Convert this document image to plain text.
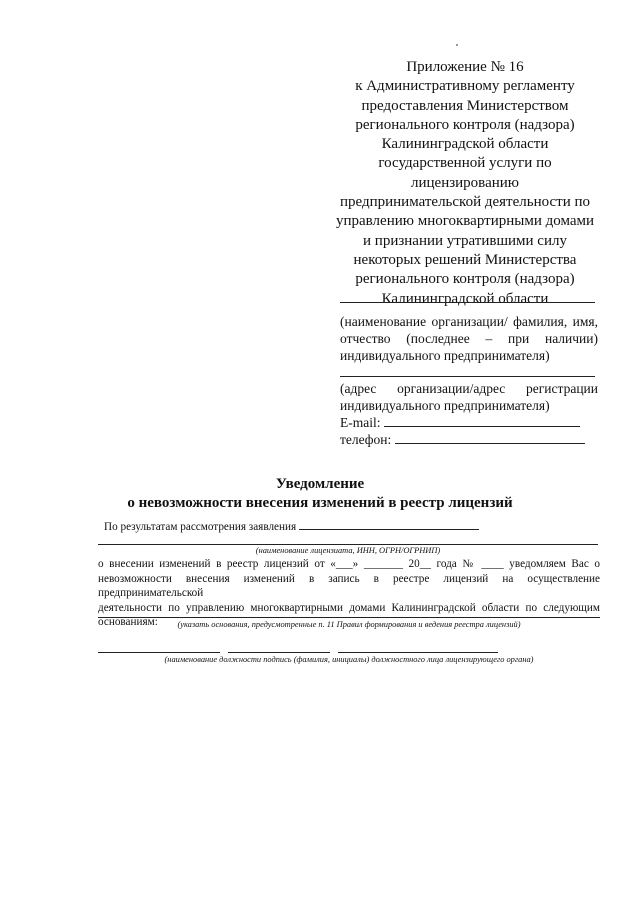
Приложение № 16
к Административному регламенту
предоставления Министерством
регионального контроля (надзора)
Калининградской области
государственной услуги по
лицензированию
предпринимательской деятельности по
управлению многоквартирными домами
и признании утратившими силу
некоторых решений Министерства
регионального контроля (надзора)
Калининградской области
(наименование организации/ фамилия, имя,
отчество (последнее – при наличии)
индивидуального предпринимателя)
(адрес организации/адрес регистрации
индивидуального предпринимателя)
E-mail:
телефон:
Уведомление
о невозможности внесения изменений в реестр лицензий
По результатам рассмотрения заявления
(наименование лицензиата, ИНН, ОГРН/ОГРНИП)
о внесении изменений в реестр лицензий от «___» _______ 20__ года № ____ уведомляем Вас о
невозможности внесения изменений в запись в реестре лицензий на осуществление предпринимательской
деятельности по управлению многоквартирными домами Калининградской области по следующим
основаниям:	(указать основания, предусмотренные п. 11 Правил формирования и ведения реестра лицензий)
(наименование должности подпись (фамилия, инициалы) должностного лица лицензирующего органа)
